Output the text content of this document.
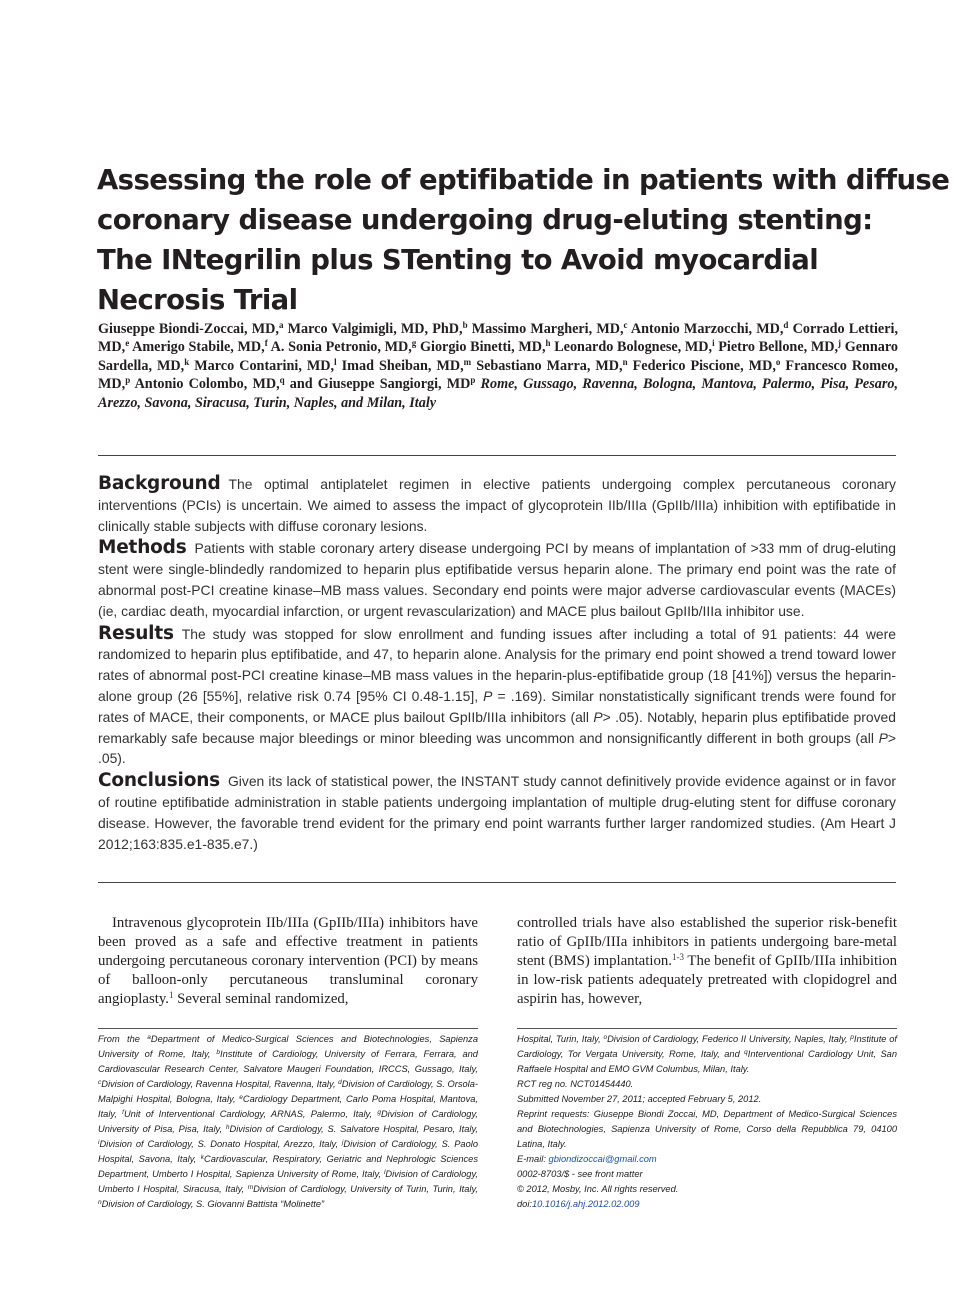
Assessing the role of eptifibatide in patients with diffuse
coronary disease undergoing drug-eluting stenting:
The INtegrilin plus STenting to Avoid myocardial
Necrosis Trial
Giuseppe Biondi-Zoccai, MD,$^a$ Marco Valgimigli, MD, PhD,$^b$ Massimo Margheri, MD,$^c$ Antonio Marzocchi, MD,$^d$ Corrado Lettieri, MD,$^e$ Amerigo Stabile, MD,$^f$ A. Sonia Petronio, MD,$^g$ Giorgio Binetti, MD,$^h$ Leonardo Bolognese, MD,$^i$ Pietro Bellone, MD,$^j$ Gennaro Sardella, MD,$^k$ Marco Contarini, MD,$^l$ Imad Sheiban, MD,$^m$ Sebastiano Marra, MD,$^n$ Federico Piscione, MD,$^o$ Francesco Romeo, MD,$^p$ Antonio Colombo, MD,$^q$ and Giuseppe Sangiorgi, $MD^p$ Rome, Gussago, Ravenna, Bologna, Mantova, Palermo, Pisa, Pesaro, Arezzo, Savona, Siracusa, Turin, Naples, and Milan, Italy

Background The optimal antiplatelet regimen in elective patients undergoing complex percutaneous coronary interventions (PCIs) is uncertain. We aimed to assess the impact of glycoprotein IIb/IIIa (GpIIb/IIIa) inhibition with eptifibatide in clinically stable subjects with diffuse coronary lesions.

Methods Patients with stable coronary artery disease undergoing PCI by means of implantation of >33 mm of drug-eluting stent were single-blindedly randomized to heparin plus eptifibatide versus heparin alone. The primary end point was the rate of abnormal post-PCI creatine kinase–MB mass values. Secondary end points were major adverse cardiovascular events (MACEs) (ie, cardiac death, myocardial infarction, or urgent revascularization) and MACE plus bailout GpIIb/IIIa inhibitor use.

Results The study was stopped for slow enrollment and funding issues after including a total of 91 patients: 44 were randomized to heparin plus eptifibatide, and 47, to heparin alone. Analysis for the primary end point showed a trend toward lower rates of abnormal post-PCI creatine kinase–MB mass values in the heparin-plus-eptifibatide group (18 [41%]) versus the heparin-alone group (26 [55%], relative risk 0.74 [95% CI 0.48-1.15], P = .169). Similar nonstatistically significant trends were found for rates of MACE, their components, or MACE plus bailout GpIIb/IIIa inhibitors (all P> .05). Notably, heparin plus eptifibatide proved remarkably safe because major bleedings or minor bleeding was uncommon and nonsignificantly different in both groups (all P> .05).

Conclusions Given its lack of statistical power, the INSTANT study cannot definitively provide evidence against or in favor of routine eptifibatide administration in stable patients undergoing implantation of multiple drug-eluting stent for diffuse coronary disease. However, the favorable trend evident for the primary end point warrants further larger randomized studies. (Am Heart J 2012;163:835.e1-835.e7.)

Intravenous glycoprotein IIb/IIIa (GpIIb/IIIa) inhibitors have been proved as a safe and effective treatment in patients undergoing percutaneous coronary intervention (PCI) by means of balloon-only percutaneous transluminal coronary angioplasty.$^1$ Several seminal randomized,

controlled trials have also established the superior risk-benefit ratio of GpIIb/IIIa inhibitors in patients undergoing bare-metal stent (BMS) implantation.$^{1-3}$ The benefit of GpIIb/IIIa inhibition in low-risk patients adequately pretreated with clopidogrel and aspirin has, however,

From the $^a$Department of Medico-Surgical Sciences and Biotechnologies, Sapienza University of Rome, Italy, $^b$Institute of Cardiology, University of Ferrara, Ferrara, and Cardiovascular Research Center, Salvatore Maugeri Foundation, IRCCS, Gussago, Italy, $^c$Division of Cardiology, Ravenna Hospital, Ravenna, Italy, $^d$Division of Cardiology, S. Orsola-Malpighi Hospital, Bologna, Italy, $^e$Cardiology Department, Carlo Poma Hospital, Mantova, Italy, $^f$Unit of Interventional Cardiology, ARNAS, Palermo, Italy, $^g$Division of Cardiology, University of Pisa, Pisa, Italy, $^h$Division of Cardiology, S. Salvatore Hospital, Pesaro, Italy, $^i$Division of Cardiology, S. Donato Hospital, Arezzo, Italy, $^j$Division of Cardiology, S. Paolo Hospital, Savona, Italy, $^k$Cardiovascular, Respiratory, Geriatric and Nephrologic Sciences Department, Umberto I Hospital, Sapienza University of Rome, Italy, $^l$Division of Cardiology, Umberto I Hospital, Siracusa, Italy, $^m$Division of Cardiology, University of Turin, Turin, Italy, $^n$Division of Cardiology, S. Giovanni Battista “Molinette”

Hospital, Turin, Italy, $^o$Division of Cardiology, Federico II University, Naples, Italy, $^p$Institute of Cardiology, Tor Vergata University, Rome, Italy, and $^q$Interventional Cardiology Unit, San Raffaele Hospital and EMO GVM Columbus, Milan, Italy.

RCT reg no. NCT01454440.

Submitted November 27, 2011; accepted February 5, 2012.

Reprint requests: Giuseppe Biondi Zoccai, MD, Department of Medico-Surgical Sciences and Biotechnologies, Sapienza University of Rome, Corso della Repubblica 79, 04100 Latina, Italy.

E-mail: gbiondizoccai@gmail.com

0002-8703/$ - see front matter

© 2012, Mosby, Inc. All rights reserved.

doi:10.1016/j.ahj.2012.02.009
